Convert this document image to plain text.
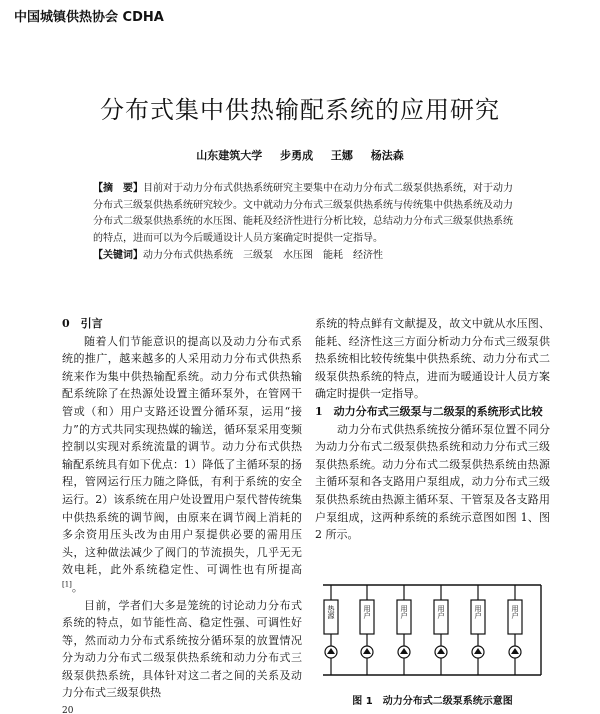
中国城镇供热协会 CDHA
分布式集中供热输配系统的应用研究
山东建筑大学 步勇成 王娜 杨法森
【摘　要】目前对于动力分布式供热系统研究主要集中在动力分布式二级泵供热系统，对于动力分布式三级泵供热系统研究较少。文中就动力分布式三级泵供热系统与传统集中供热系统及动力分布式二级泵供热系统的水压图、能耗及经济性进行分析比较，总结动力分布式三级泵供热系统的特点，进而可以为今后暖通设计人员方案确定时提供一定指导。
【关键词】动力分布式供热系统　三级泵　水压图　能耗　经济性

0　引言

随着人们节能意识的提高以及动力分布式系统的推广，越来越多的人采用动力分布式供热系统来作为集中供热输配系统。动力分布式供热输配系统除了在热源处设置主循环泵外，在管网干管或（和）用户支路还设置分循环泵，运用“接力”的方式共同实现热媒的输送，循环泵采用变频控制以实现对系统流量的调节。动力分布式供热输配系统具有如下优点：1）降低了主循环泵的扬程，管网运行压力随之降低，有利于系统的安全运行。2）该系统在用户处设置用户泵代替传统集中供热系统的调节阀，由原来在调节阀上消耗的多余资用压头改为由用户泵提供必要的需用压头，这种做法减少了阀门的节流损失，几乎无无效电耗，此外系统稳定性、可调性也有所提高[1]。

目前，学者们大多是笼统的讨论动力分布式系统的特点，如节能性高、稳定性强、可调性好等，然而动力分布式系统按分循环泵的放置情况分为动力分布式二级泵供热系统和动力分布式三级泵供热系统，具体针对这二者之间的关系及动力分布式三级泵供热

系统的特点鲜有文献提及，故文中就从水压图、能耗、经济性这三方面分析动力分布式三级泵供热系统相比较传统集中供热系统、动力分布式二级泵供热系统的特点，进而为暖通设计人员方案确定时提供一定指导。

1　动力分布式三级泵与二级泵的系统形式比较

动力分布式供热系统按分循环泵位置不同分为动力分布式二级泵供热系统和动力分布式三级泵供热系统。动力分布式二级泵供热系统由热源主循环泵和各支路用户泵组成，动力分布式三级泵供热系统由热源主循环泵、干管泵及各支路用户泵组成，这两种系统的系统示意图如图 1、图 2 所示。

热源	用户	用户	用户	用户	用户
图 1　动力分布式二级泵系统示意图
20
